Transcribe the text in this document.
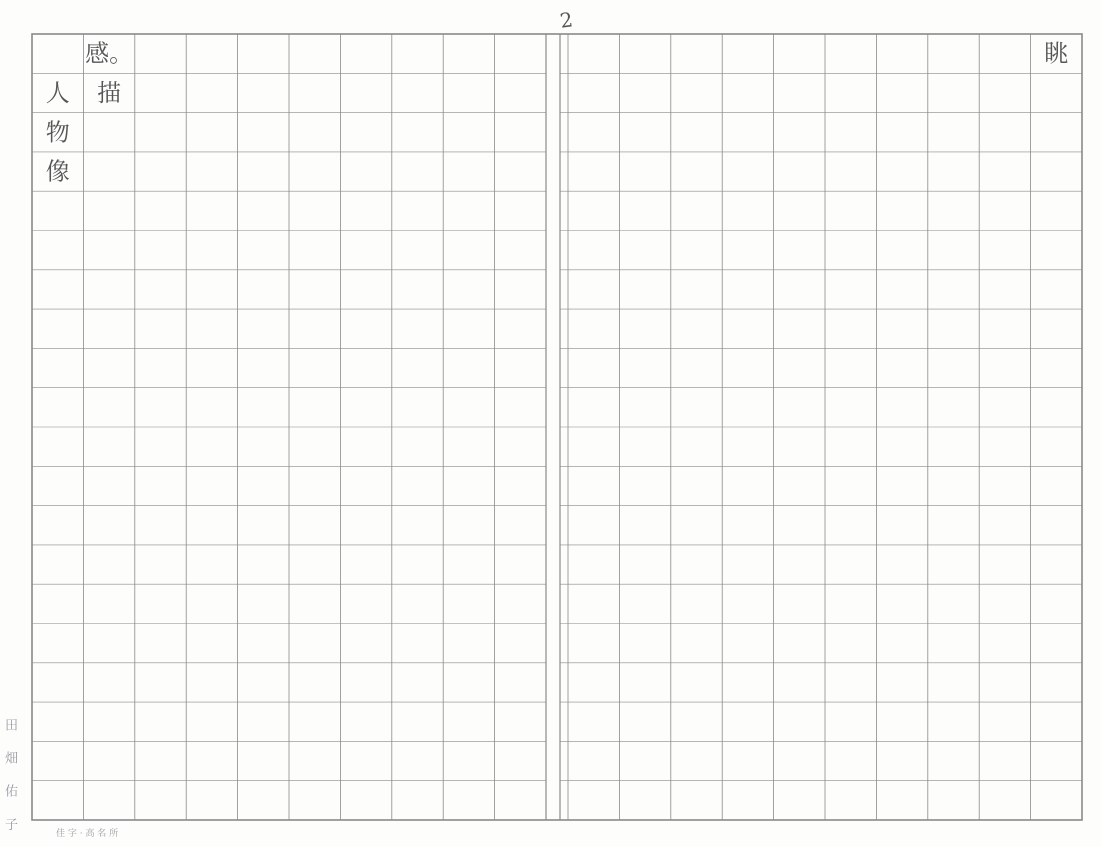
感。
描
眺
人
物
像
2
田 畑 佑 子	佳 字 · 高 名 所
